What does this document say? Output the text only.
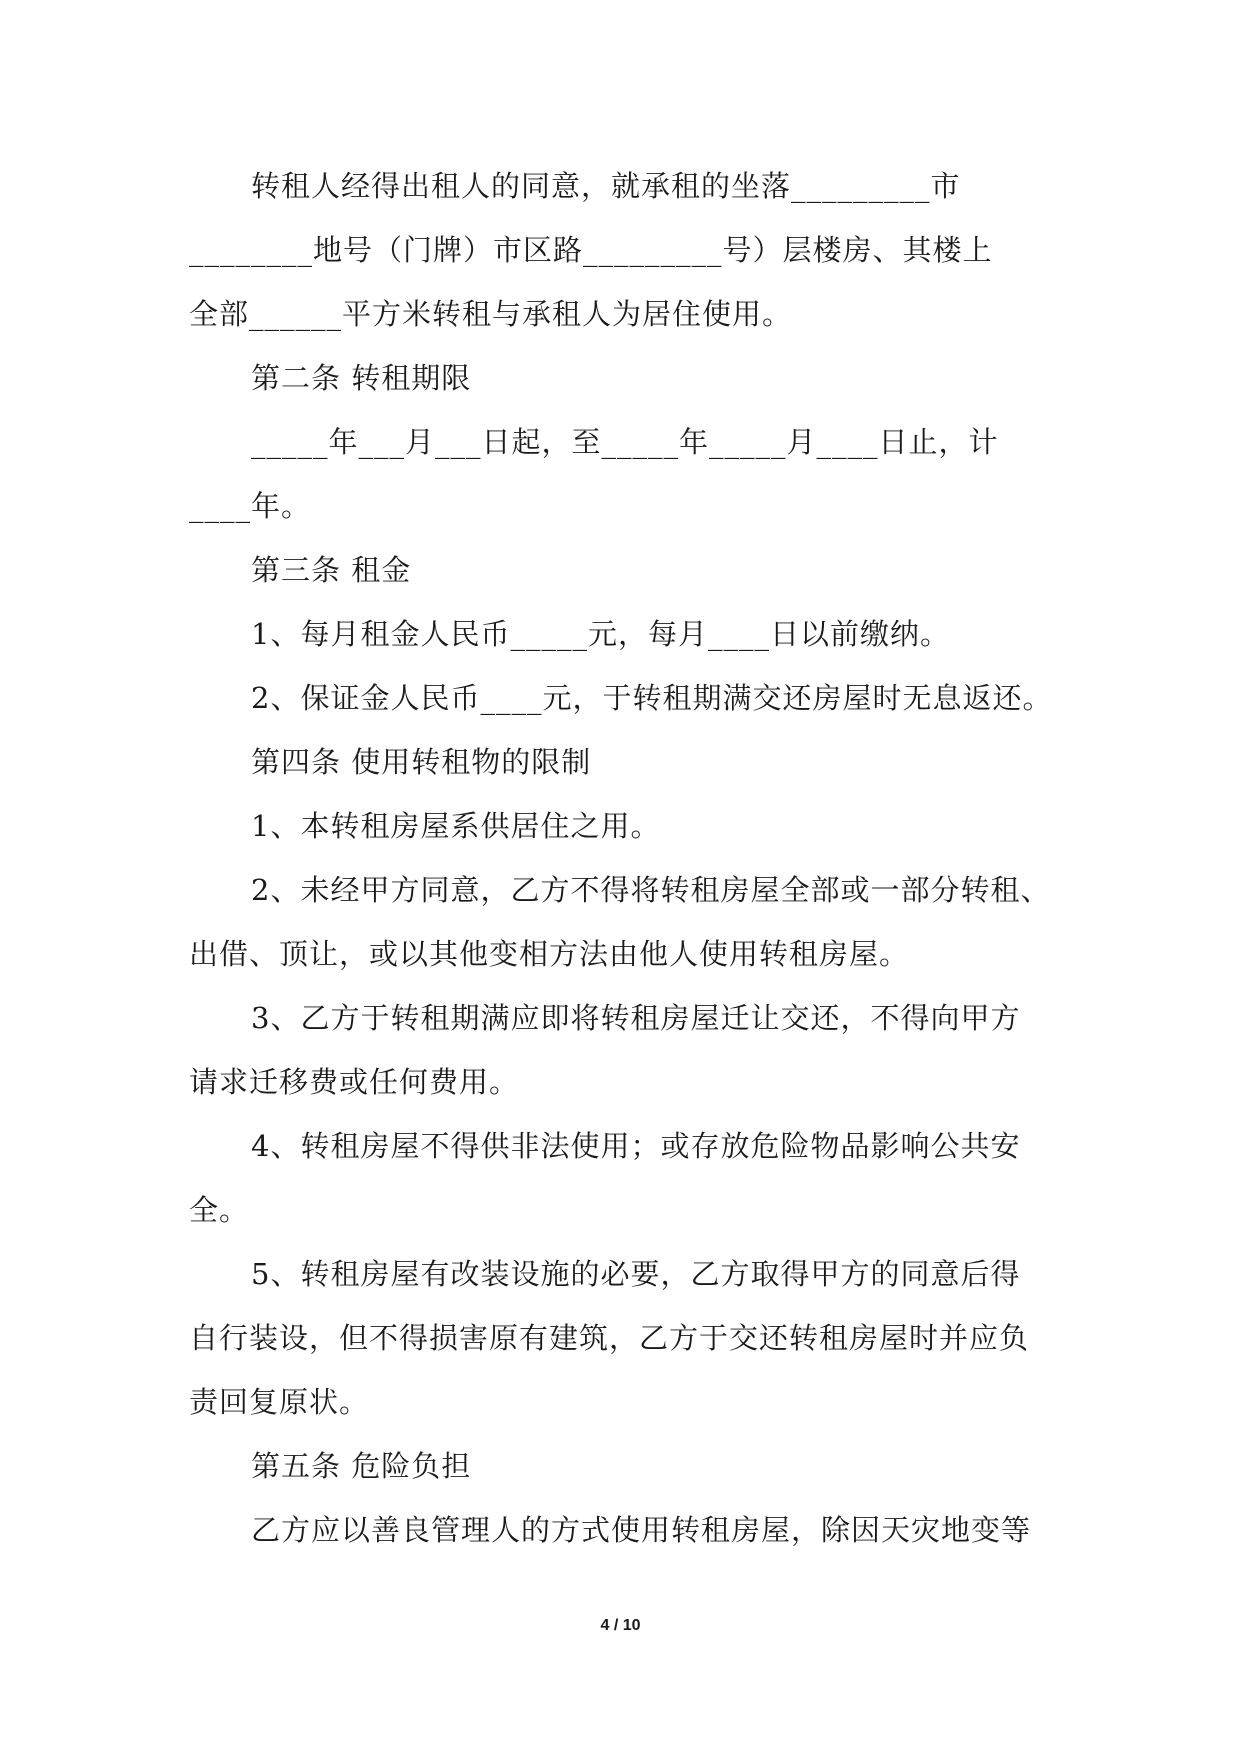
转租人经得出租人的同意，就承租的坐落_________市
________地号（门牌）市区路_________号）层楼房、其楼上
全部______平方米转租与承租人为居住使用。
第二条 转租期限
_____年___月___日起，至_____年_____月____日止，计
____年。
第三条 租金
1、每月租金人民币_____元，每月____日以前缴纳。
2、保证金人民币____元，于转租期满交还房屋时无息返还。
第四条 使用转租物的限制
1、本转租房屋系供居住之用。
2、未经甲方同意，乙方不得将转租房屋全部或一部分转租、
出借、顶让，或以其他变相方法由他人使用转租房屋。
3、乙方于转租期满应即将转租房屋迁让交还，不得向甲方
请求迁移费或任何费用。
4、转租房屋不得供非法使用；或存放危险物品影响公共安
全。
5、转租房屋有改装设施的必要，乙方取得甲方的同意后得
自行装设，但不得损害原有建筑，乙方于交还转租房屋时并应负
责回复原状。
第五条 危险负担
乙方应以善良管理人的方式使用转租房屋，除因天灾地变等
4 / 10
